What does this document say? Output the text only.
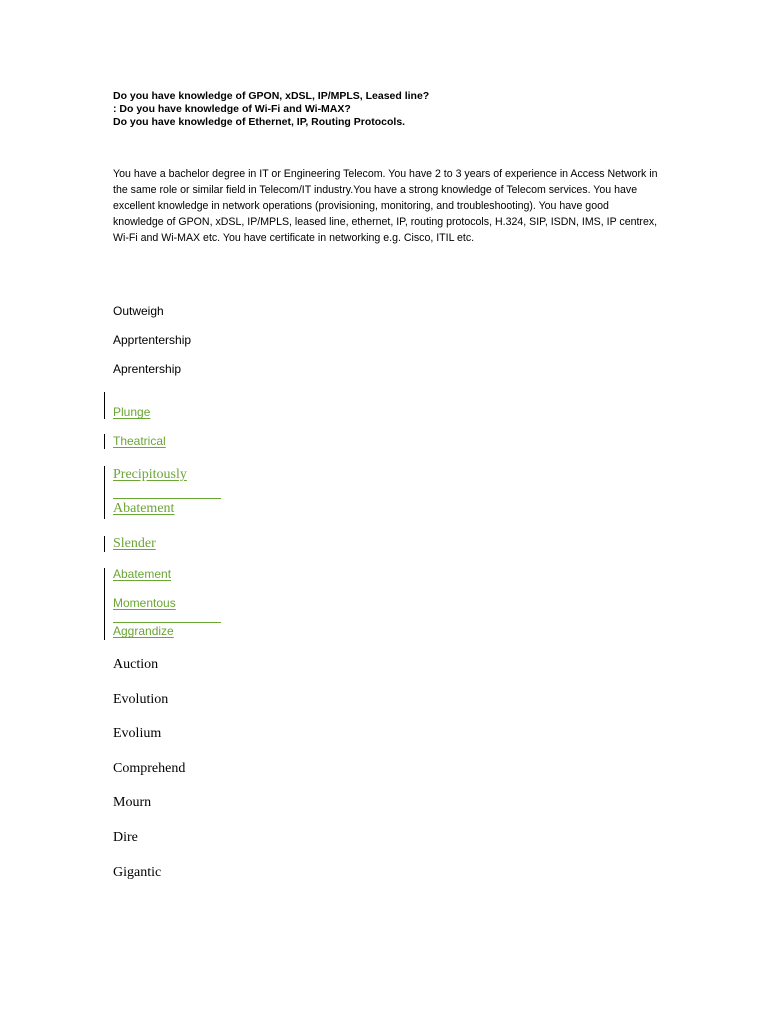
Do you have knowledge of GPON, xDSL, IP/MPLS, Leased line?
: Do you have knowledge of Wi-Fi and Wi-MAX?
Do you have knowledge of Ethernet, IP, Routing Protocols.
You have a bachelor degree in IT or Engineering Telecom. You have 2 to 3 years of experience in Access Network in the same role or similar field in Telecom/IT industry.You have a strong knowledge of Telecom services. You have excellent knowledge in network operations (provisioning, monitoring, and troubleshooting). You have good knowledge of GPON, xDSL, IP/MPLS, leased line, ethernet, IP, routing protocols, H.324, SIP, ISDN, IMS, IP centrex, Wi-Fi and Wi-MAX etc. You have certificate in networking e.g. Cisco, ITIL etc.
Outweigh
Apprtentership
Aprentership
Plunge
Theatrical
Precipitously
Abatement
Slender
Abatement
Momentous
Aggrandize
Auction
Evolution
Evolium
Comprehend
Mourn
Dire
Gigantic
